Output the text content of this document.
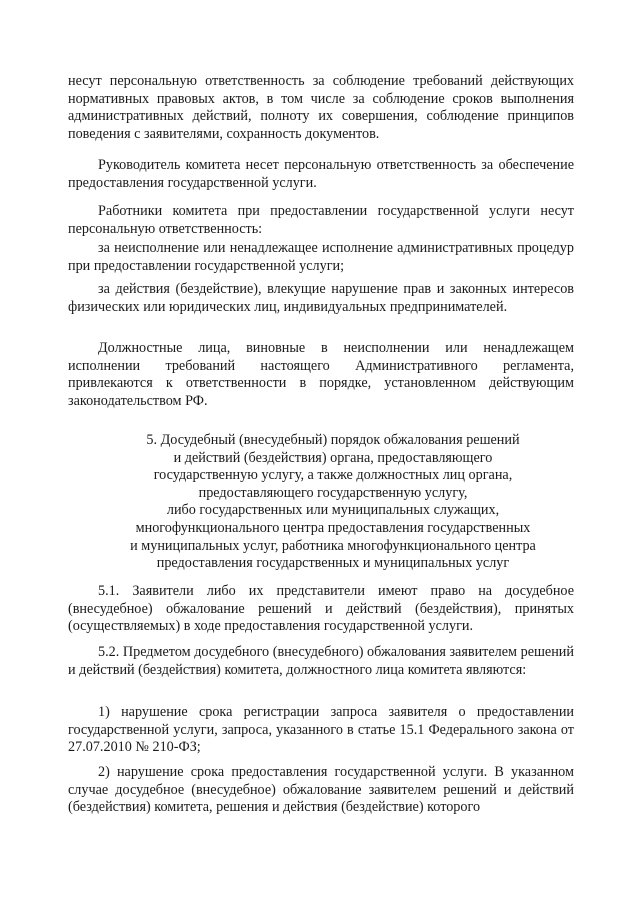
несут персональную ответственность за соблюдение требований действующих нормативных правовых актов, в том числе за соблюдение сроков выполнения административных действий, полноту их совершения, соблюдение принципов поведения с заявителями, сохранность документов.

Руководитель комитета несет персональную ответственность за обеспечение предоставления государственной услуги.

Работники комитета при предоставлении государственной услуги несут персональную ответственность:

за неисполнение или ненадлежащее исполнение административных процедур при предоставлении государственной услуги;

за действия (бездействие), влекущие нарушение прав и законных интересов физических или юридических лиц, индивидуальных предпринимателей.

Должностные лица, виновные в неисполнении или ненадлежащем исполнении требований настоящего Административного регламента, привлекаются к ответственности в порядке, установленном действующим законодательством РФ.

5. Досудебный (внесудебный) порядок обжалования решений
и действий (бездействия) органа, предоставляющего
государственную услугу, а также должностных лиц органа,
предоставляющего государственную услугу,
либо государственных или муниципальных служащих,
многофункционального центра предоставления государственных
и муниципальных услуг, работника многофункционального центра
предоставления государственных и муниципальных услуг

5.1. Заявители либо их представители имеют право на досудебное (внесудебное) обжалование решений и действий (бездействия), принятых (осуществляемых) в ходе предоставления государственной услуги.

5.2. Предметом досудебного (внесудебного) обжалования заявителем решений и действий (бездействия) комитета, должностного лица комитета являются:

1) нарушение срока регистрации запроса заявителя о предоставлении государственной услуги, запроса, указанного в статье 15.1 Федерального закона от 27.07.2010 № 210-ФЗ;

2) нарушение срока предоставления государственной услуги. В указанном случае досудебное (внесудебное) обжалование заявителем решений и действий (бездействия) комитета, решения и действия (бездействие) которого
